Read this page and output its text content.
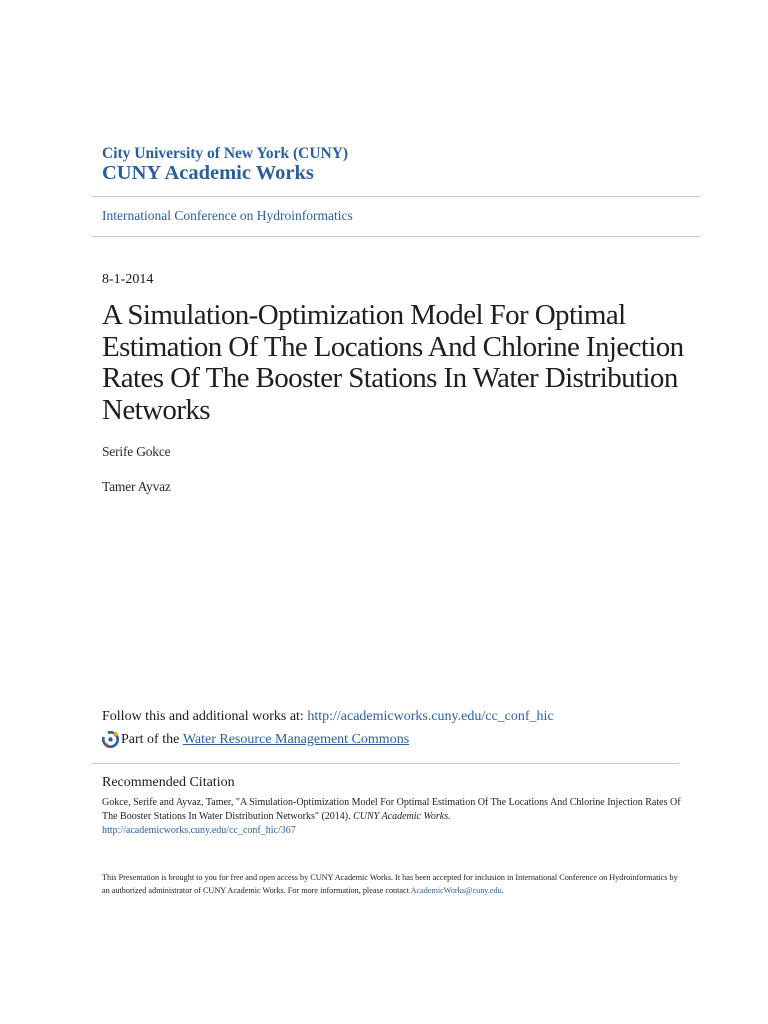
City University of New York (CUNY)
CUNY Academic Works
International Conference on Hydroinformatics
8-1-2014
A Simulation-Optimization Model For Optimal Estimation Of The Locations And Chlorine Injection Rates Of The Booster Stations In Water Distribution Networks
Serife Gokce
Tamer Ayvaz
Follow this and additional works at: http://academicworks.cuny.edu/cc_conf_hic
Part of the
Water Resource Management Commons
Recommended Citation
Gokce, Serife and Ayvaz, Tamer, "A Simulation-Optimization Model For Optimal Estimation Of The Locations And Chlorine Injection Rates Of The Booster Stations In Water Distribution Networks" (2014). CUNY Academic Works.
http://academicworks.cuny.edu/cc_conf_hic/367
This Presentation is brought to you for free and open access by CUNY Academic Works. It has been accepted for inclusion in International Conference on Hydroinformatics by an authorized administrator of CUNY Academic Works. For more information, please contact AcademicWorks@cuny.edu.
